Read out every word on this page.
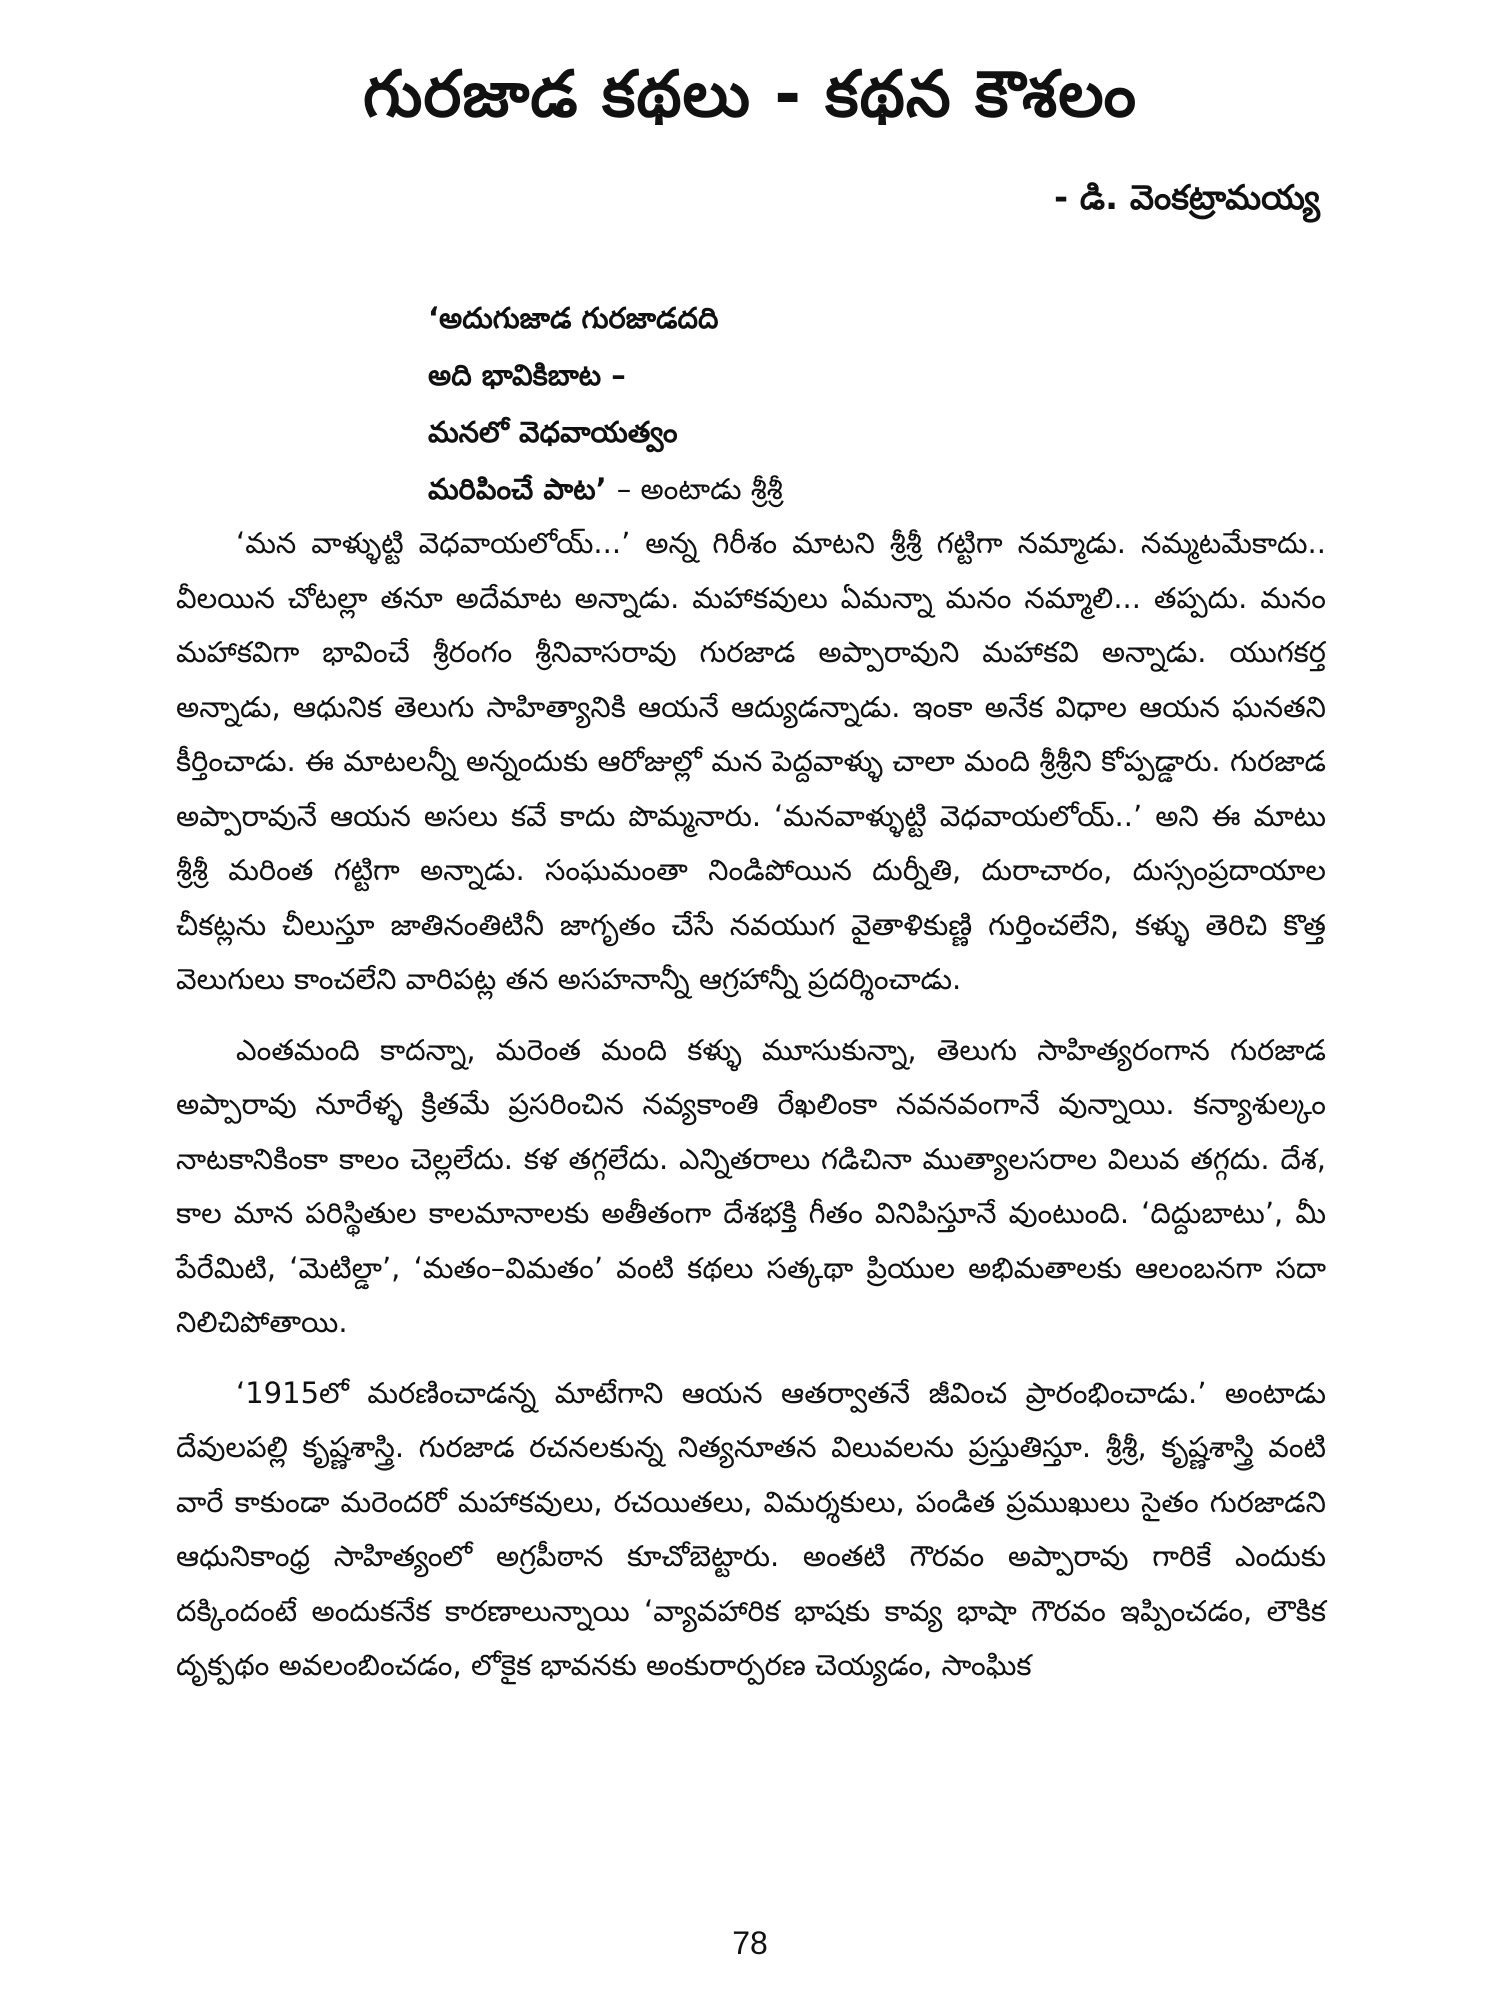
గురజాడ కథలు - కథన కౌశలం
- డి. వెంకట్రామయ్య
‘అదుగుజాడ గురజాడదది
అది భావికిబాట –
మనలో వెధవాయత్వం
మరిపించే పాట’ – అంటాడు శ్రీశ్రీ

‘మన వాళ్ళుట్టి వెధవాయలోయ్...’ అన్న గిరీశం మాటని శ్రీశ్రీ గట్టిగా నమ్మాడు. నమ్మటమేకాదు.. వీలయిన చోటల్లా తనూ అదేమాట అన్నాడు. మహాకవులు ఏమన్నా మనం నమ్మాలి... తప్పదు. మనం మహాకవిగా భావించే శ్రీరంగం శ్రీనివాసరావు గురజాడ అప్పారావుని మహాకవి అన్నాడు. యుగకర్త అన్నాడు, ఆధునిక తెలుగు సాహిత్యానికి ఆయనే ఆద్యుడన్నాడు. ఇంకా అనేక విధాల ఆయన ఘనతని కీర్తించాడు. ఈ మాటలన్నీ అన్నందుకు ఆరోజుల్లో మన పెద్దవాళ్ళు చాలా మంది శ్రీశ్రీని కోప్పడ్డారు. గురజాడ అప్పారావునే ఆయన అసలు కవే కాదు పొమ్మనారు. ‘మనవాళ్ళుట్టి వెధవాయలోయ్..’ అని ఈ మాటు శ్రీశ్రీ మరింత గట్టిగా అన్నాడు. సంఘమంతా నిండిపోయిన దుర్నీతి, దురాచారం, దుస్సంప్రదాయాల చీకట్లను చీలుస్తూ జాతినంతిటినీ జాగృతం చేసే నవయుగ వైతాళికుణ్ణి గుర్తించలేని, కళ్ళు తెరిచి కొత్త వెలుగులు కాంచలేని వారిపట్ల తన అసహనాన్నీ ఆగ్రహాన్నీ ప్రదర్శించాడు.

ఎంతమంది కాదన్నా, మరెంత మంది కళ్ళు మూసుకున్నా, తెలుగు సాహిత్యరంగాన గురజాడ అప్పారావు నూరేళ్ళ క్రితమే ప్రసరించిన నవ్యకాంతి రేఖలింకా నవనవంగానే వున్నాయి. కన్యాశుల్కం నాటకానికింకా కాలం చెల్లలేదు. కళ తగ్గలేదు. ఎన్నితరాలు గడిచినా ముత్యాలసరాల విలువ తగ్గదు. దేశ, కాల మాన పరిస్థితుల కాలమానాలకు అతీతంగా దేశభక్తి గీతం వినిపిస్తూనే వుంటుంది. ‘దిద్దుబాటు’, మీ పేరేమిటి, ‘మెటిల్డా’, ‘మతం–విమతం’ వంటి కథలు సత్కథా ప్రియుల అభిమతాలకు ఆలంబనగా సదా నిలిచిపోతాయి.

‘1915లో మరణించాడన్న మాటేగాని ఆయన ఆతర్వాతనే జీవించ ప్రారంభించాడు.’ అంటాడు దేవులపల్లి కృష్ణశాస్త్రి. గురజాడ రచనలకున్న నిత్యనూతన విలువలను ప్రస్తుతిస్తూ. శ్రీశ్రీ, కృష్ణశాస్త్రి వంటి వారే కాకుండా మరెందరో మహాకవులు, రచయితలు, విమర్శకులు, పండిత ప్రముఖులు సైతం గురజాడని ఆధునికాంధ్ర సాహిత్యంలో అగ్రపీఠాన కూచోబెట్టారు. అంతటి గౌరవం అప్పారావు గారికే ఎందుకు దక్కిందంటే అందుకనేక కారణాలున్నాయి ‘వ్యావహారిక భాషకు కావ్య భాషా గౌరవం ఇప్పించడం, లౌకిక దృక్పథం అవలంబించడం, లోకైక భావనకు అంకురార్పరణ చెయ్యడం, సాంఘిక

78
